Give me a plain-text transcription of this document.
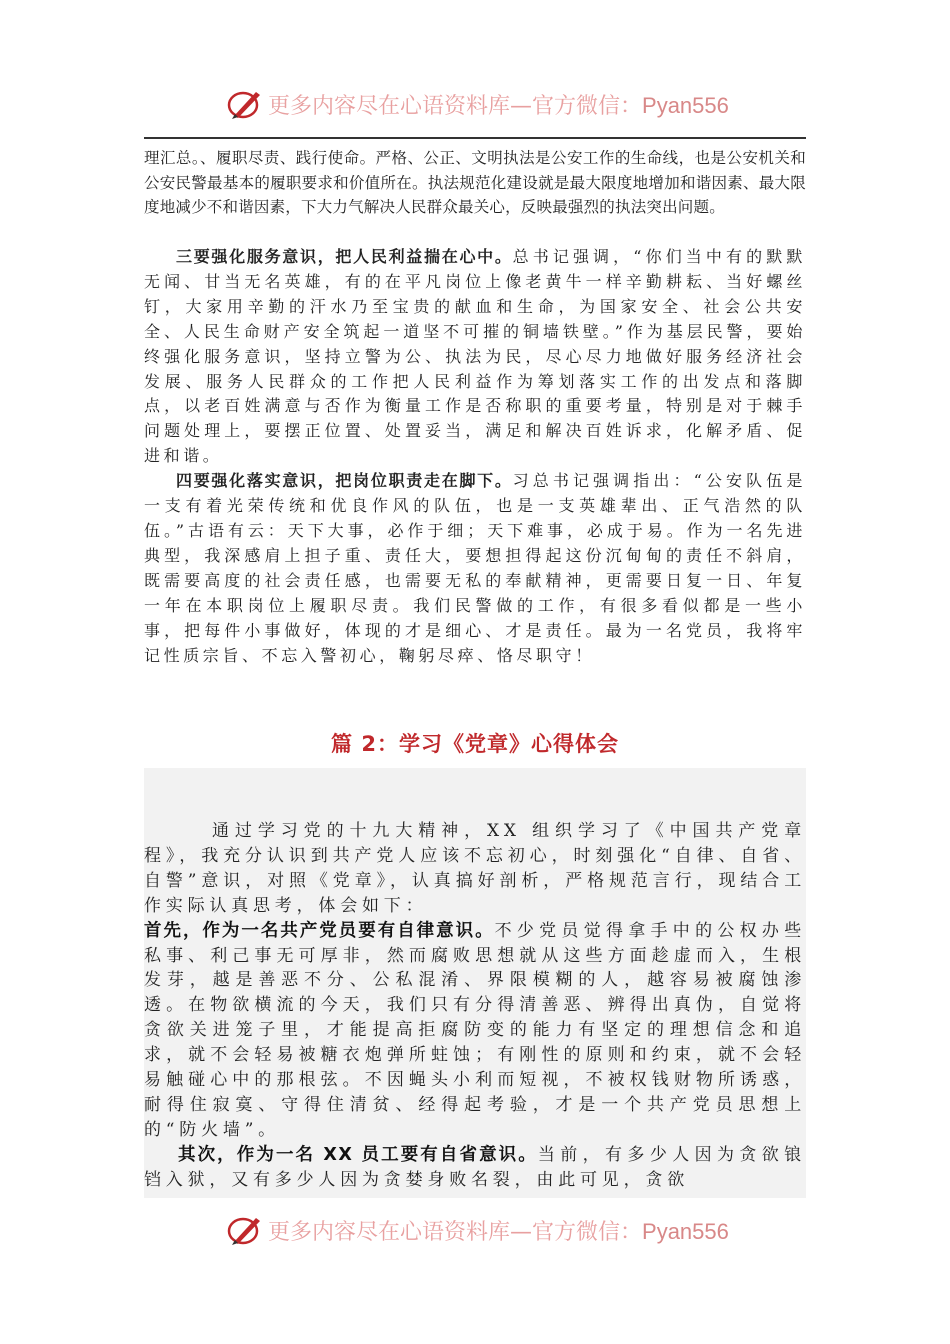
更多内容尽在心语资料库—官方微信：Pyan556

理汇总。、履职尽责、践行使命。严格、公正、文明执法是公安工作的生命线，也是公安机关和公安民警最基本的履职要求和价值所在。执法规范化建设就是最大限度地增加和谐因素、最大限度地减少不和谐因素，下大力气解决人民群众最关心，反映最强烈的执法突出问题。

三要强化服务意识，把人民利益揣在心中。总书记强调，“你们当中有的默默无闻、甘当无名英雄，有的在平凡岗位上像老黄牛一样辛勤耕耘、当好螺丝钉，大家用辛勤的汗水乃至宝贵的献血和生命，为国家安全、社会公共安全、人民生命财产安全筑起一道坚不可摧的铜墙铁壁。”作为基层民警，要始终强化服务意识，坚持立警为公、执法为民，尽心尽力地做好服务经济社会发展、服务人民群众的工作把人民利益作为筹划落实工作的出发点和落脚点，以老百姓满意与否作为衡量工作是否称职的重要考量，特别是对于棘手问题处理上，要摆正位置、处置妥当，满足和解决百姓诉求，化解矛盾、促进和谐。

四要强化落实意识，把岗位职责走在脚下。习总书记强调指出：“公安队伍是一支有着光荣传统和优良作风的队伍，也是一支英雄辈出、正气浩然的队伍。”古语有云：天下大事，必作于细；天下难事，必成于易。作为一名先进典型，我深感肩上担子重、责任大，要想担得起这份沉甸甸的责任不斜肩，既需要高度的社会责任感，也需要无私的奉献精神，更需要日复一日、年复一年在本职岗位上履职尽责。我们民警做的工作，有很多看似都是一些小事，把每件小事做好，体现的才是细心、才是责任。最为一名党员，我将牢记性质宗旨、不忘入警初心，鞠躬尽瘁、恪尽职守！

篇 2：学习《党章》心得体会

通过学习党的十九大精神，XX 组织学习了《中国共产党章程》，我充分认识到共产党人应该不忘初心，时刻强化“自律、自省、自警”意识，对照《党章》，认真搞好剖析，严格规范言行，现结合工作实际认真思考，体会如下：

首先，作为一名共产党员要有自律意识。不少党员觉得拿手中的公权办些私事、利己事无可厚非，然而腐败思想就从这些方面趁虚而入，生根发芽，越是善恶不分、公私混淆、界限模糊的人，越容易被腐蚀渗透。在物欲横流的今天，我们只有分得清善恶、辨得出真伪，自觉将贪欲关进笼子里，才能提高拒腐防变的能力有坚定的理想信念和追求，就不会轻易被糖衣炮弹所蛀蚀；有刚性的原则和约束，就不会轻易触碰心中的那根弦。不因蝇头小利而短视，不被权钱财物所诱惑，耐得住寂寞、守得住清贫、经得起考验，才是一个共产党员思想上的“防火墙”。

其次，作为一名 XX 员工要有自省意识。当前，有多少人因为贪欲锒铛入狱，又有多少人因为贪婪身败名裂，由此可见，贪欲

更多内容尽在心语资料库—官方微信：Pyan556
